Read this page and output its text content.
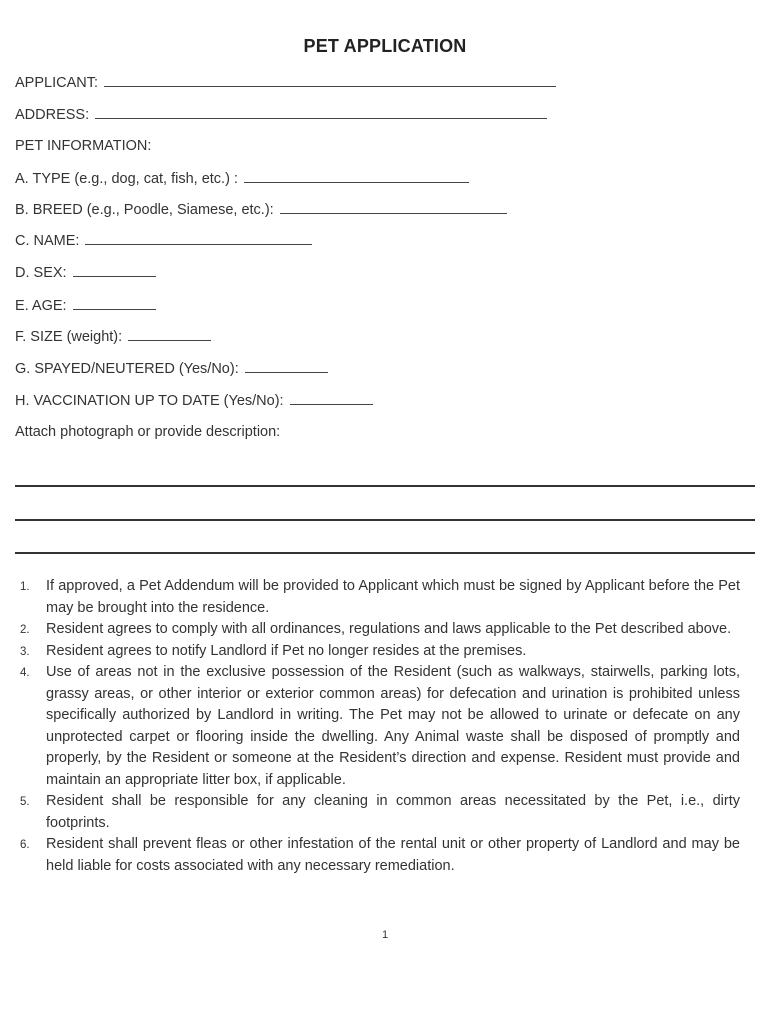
PET APPLICATION
APPLICANT:
ADDRESS:
PET INFORMATION:
A. TYPE (e.g., dog, cat, fish, etc.) :
B. BREED (e.g., Poodle, Siamese, etc.):
C. NAME:
D. SEX:
E. AGE:
F. SIZE (weight):
G. SPAYED/NEUTERED (Yes/No):
H. VACCINATION UP TO DATE (Yes/No):
Attach photograph or provide description:
1. If approved, a Pet Addendum will be provided to Applicant which must be signed by Applicant before the Pet may be brought into the residence.
2. Resident agrees to comply with all ordinances, regulations and laws applicable to the Pet described above.
3. Resident agrees to notify Landlord if Pet no longer resides at the premises.
4. Use of areas not in the exclusive possession of the Resident (such as walkways, stairwells, parking lots, grassy areas, or other interior or exterior common areas) for defecation and urination is prohibited unless specifically authorized by Landlord in writing. The Pet may not be allowed to urinate or defecate on any unprotected carpet or flooring inside the dwelling. Any Animal waste shall be disposed of promptly and properly, by the Resident or someone at the Resident’s direction and expense. Resident must provide and maintain an appropriate litter box, if applicable.
5. Resident shall be responsible for any cleaning in common areas necessitated by the Pet, i.e., dirty footprints.
6. Resident shall prevent fleas or other infestation of the rental unit or other property of Landlord and may be held liable for costs associated with any necessary remediation.
1
